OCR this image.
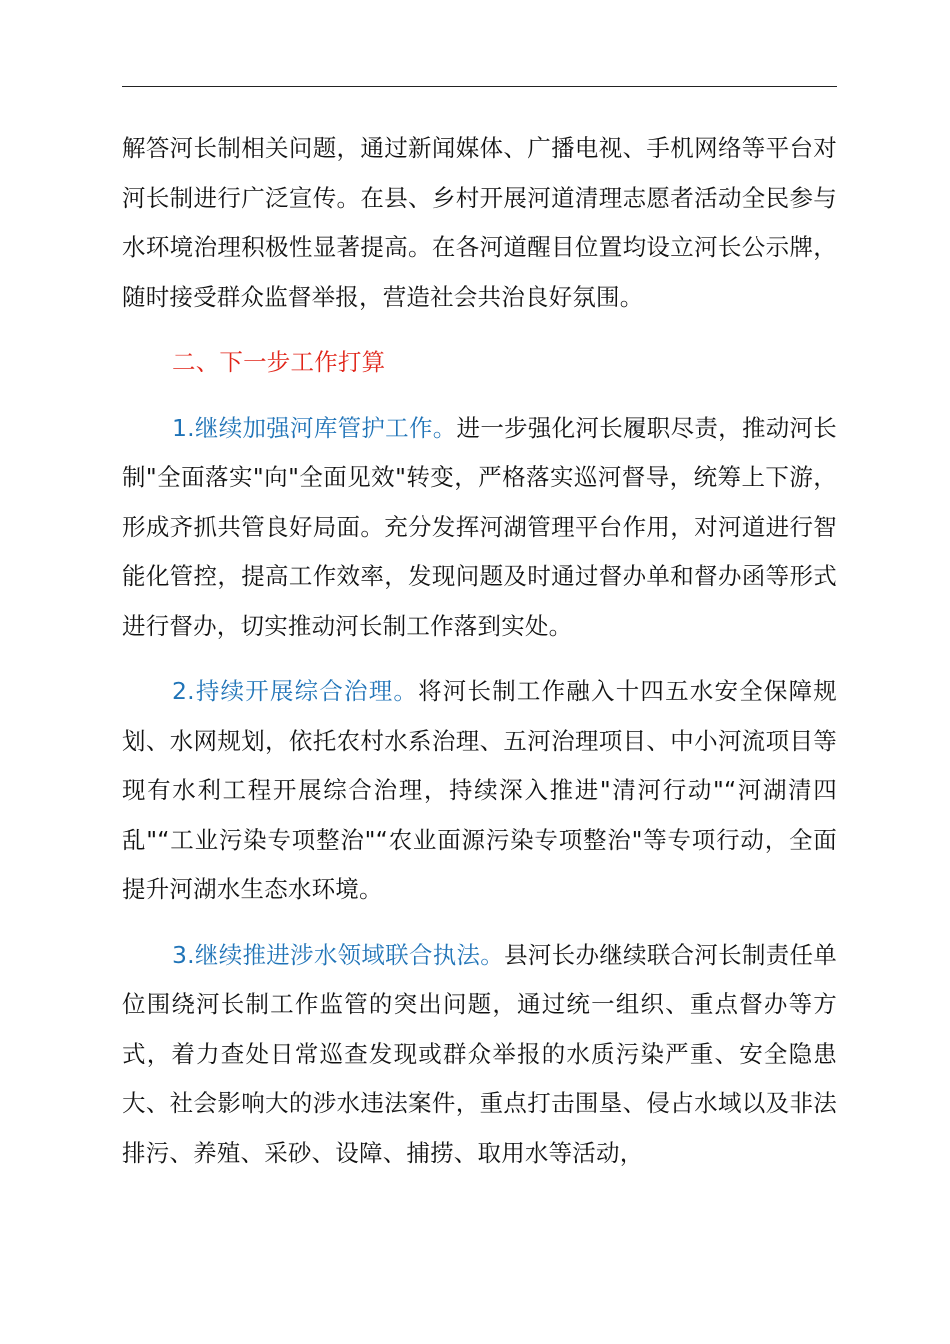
解答河长制相关问题，通过新闻媒体、广播电视、手机网络等平台对河长制进行广泛宣传。在县、乡村开展河道清理志愿者活动全民参与水环境治理积极性显著提高。在各河道醒目位置均设立河长公示牌，随时接受群众监督举报，营造社会共治良好氛围。

二、下一步工作打算

1.继续加强河库管护工作。进一步强化河长履职尽责，推动河长制"全面落实"向"全面见效"转变，严格落实巡河督导，统筹上下游，形成齐抓共管良好局面。充分发挥河湖管理平台作用，对河道进行智能化管控，提高工作效率，发现问题及时通过督办单和督办函等形式进行督办，切实推动河长制工作落到实处。

2.持续开展综合治理。将河长制工作融入十四五水安全保障规划、水网规划，依托农村水系治理、五河治理项目、中小河流项目等现有水利工程开展综合治理，持续深入推进"清河行动"“河湖清四乱"“工业污染专项整治"“农业面源污染专项整治"等专项行动，全面提升河湖水生态水环境。

3.继续推进涉水领域联合执法。县河长办继续联合河长制责任单位围绕河长制工作监管的突出问题，通过统一组织、重点督办等方式，着力查处日常巡查发现或群众举报的水质污染严重、安全隐患大、社会影响大的涉水违法案件，重点打击围垦、侵占水域以及非法排污、养殖、采砂、设障、捕捞、取用水等活动，
